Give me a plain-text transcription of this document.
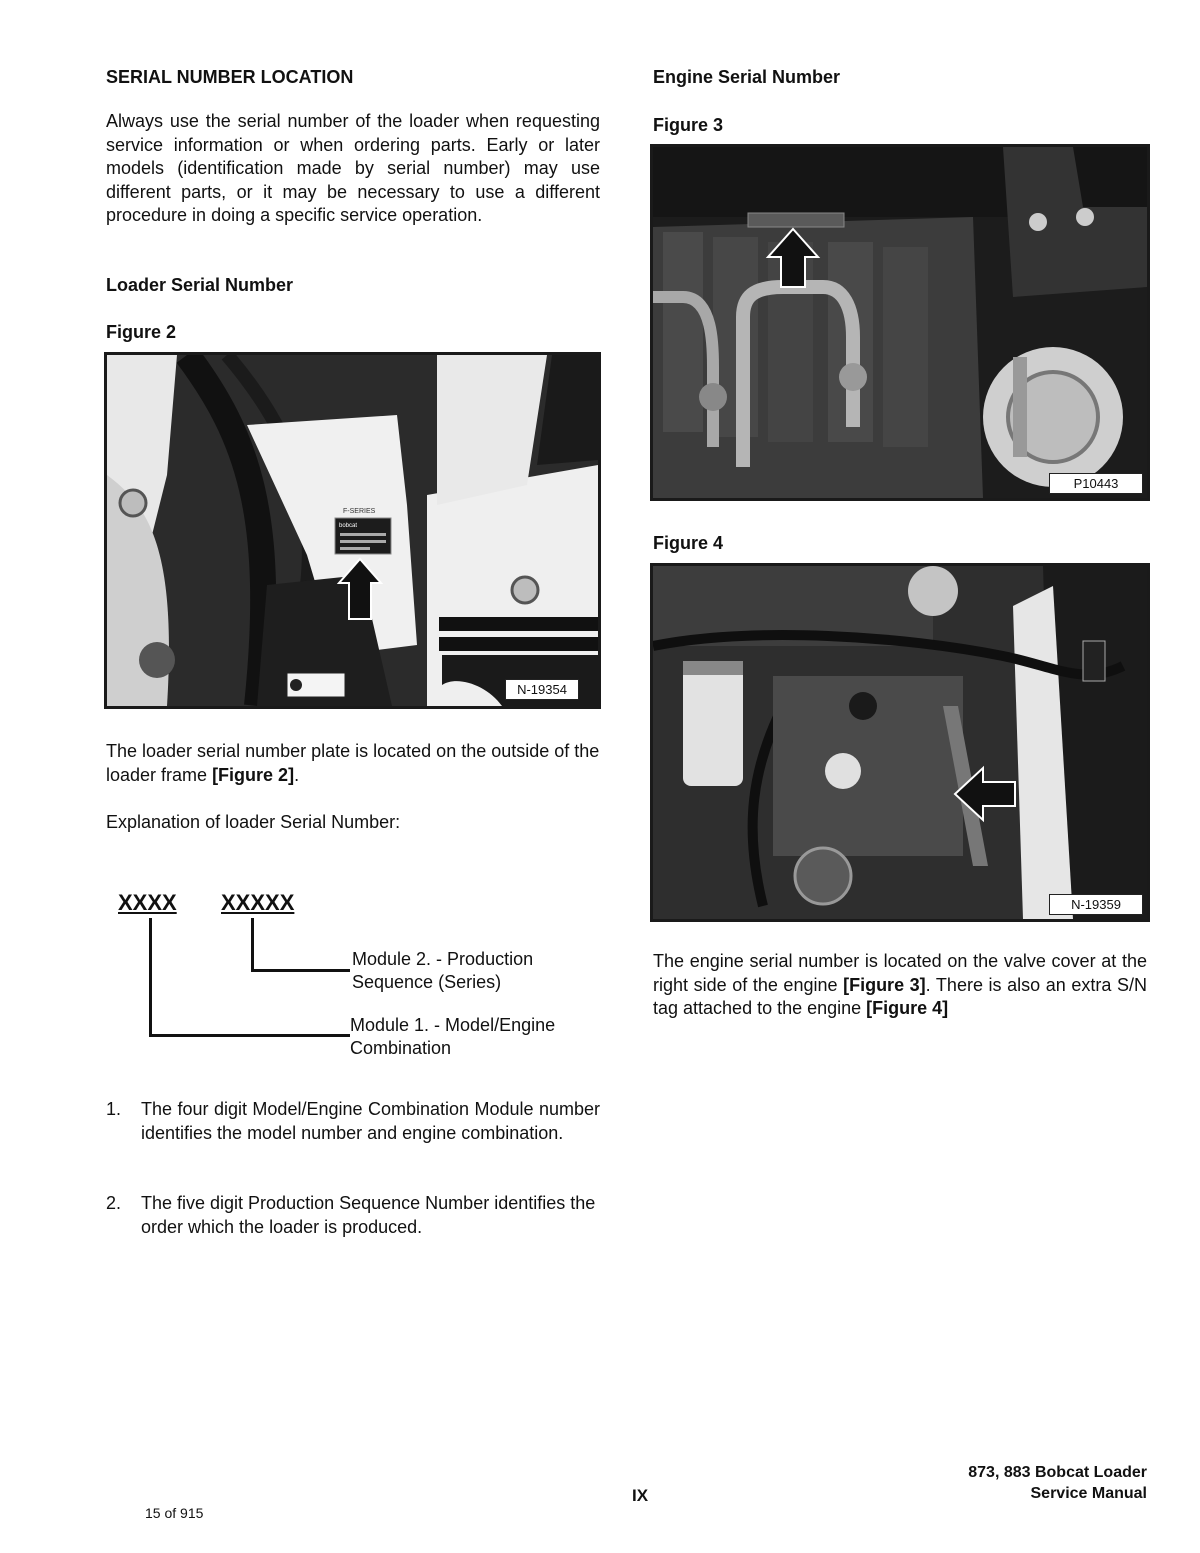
SERIAL NUMBER LOCATION
Always use the serial number of the loader when requesting service information or when ordering parts. Early or later models (identification made by serial number) may use different parts, or it may be necessary to use a different procedure in doing a specific service operation.
Loader Serial Number
Figure 2
F-SERIES
bobcat
N-19354
The loader serial number plate is located on the outside of the loader frame [Figure 2].
Explanation of loader Serial Number:
XXXX XXXXX
Module 2. - Production
Sequence (Series)
Module 1. - Model/Engine
Combination
1. The four digit Model/Engine Combination Module number identifies the model number and engine combination.
2. The five digit Production Sequence Number identifies the order which the loader is produced.
Engine Serial Number
Figure 3
P10443
Figure 4
N-19359
The engine serial number is located on the valve cover at the right side of the engine [Figure 3]. There is also an extra S/N tag attached to the engine [Figure 4]
IX
873, 883 Bobcat Loader
Service Manual
15 of 915
